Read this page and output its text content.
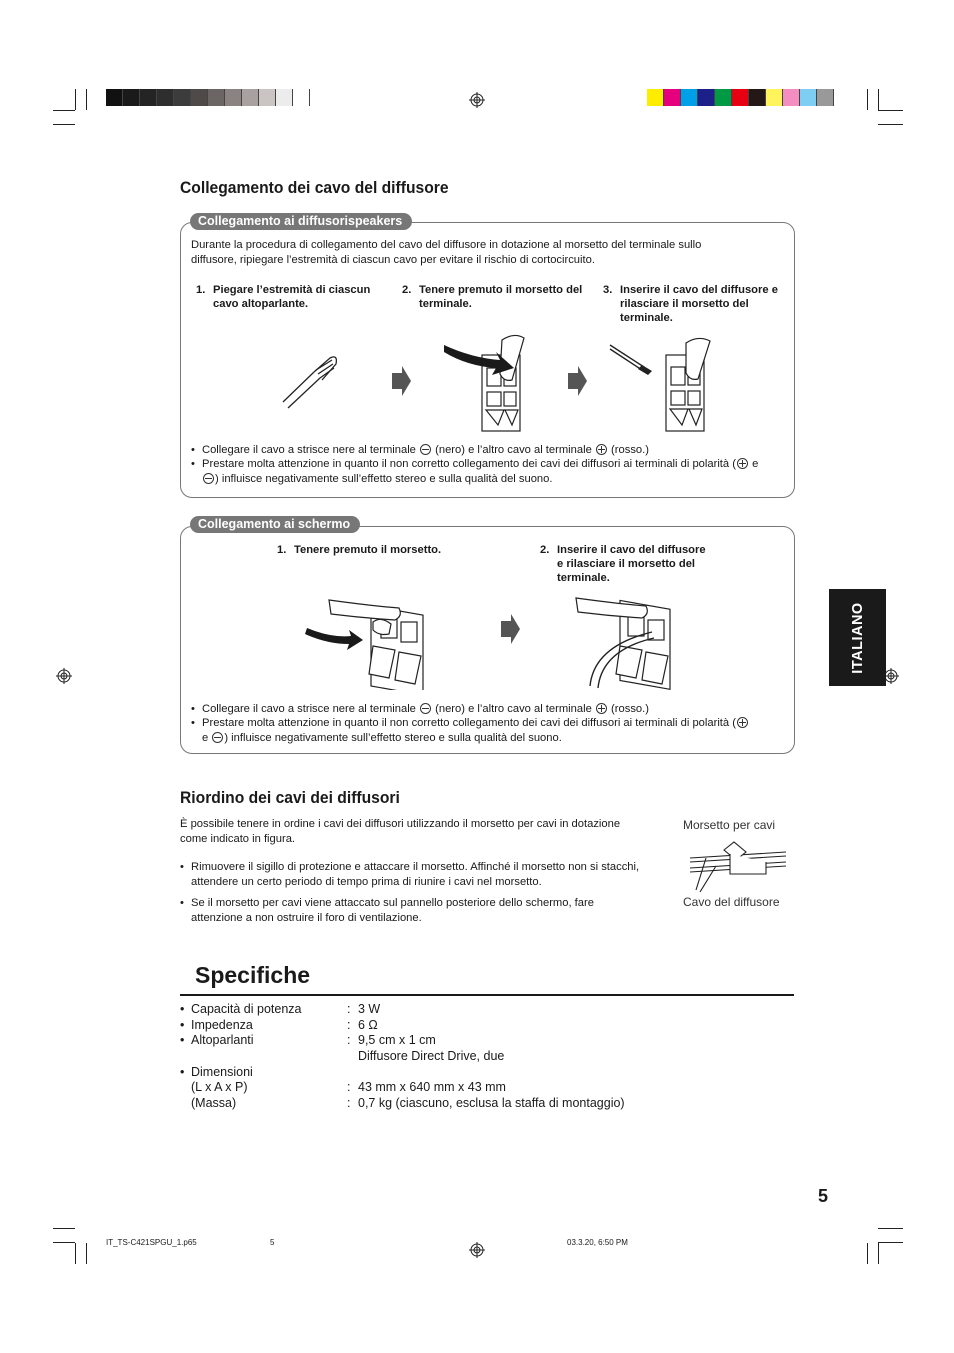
Collegamento dei cavo del diffusore
Collegamento ai diffusorispeakers
Durante la procedura di collegamento del cavo del diffusore in dotazione al morsetto del terminale sullo
diffusore, ripiegare l’estremità di ciascun cavo per evitare il rischio di cortocircuito.
1. Piegare l’estremità di ciascun
cavo altoparlante.
2. Tenere premuto il morsetto del
terminale.
3. Inserire il cavo del diffusore e
rilasciare il morsetto del
terminale.
• Collegare il cavo a strisce nere al terminale (nero) e l’altro cavo al terminale (rosso.)
• Prestare molta attenzione in quanto il non corretto collegamento dei cavi dei diffusori ai terminali di polarità ( e
) influisce negativamente sull’effetto stereo e sulla qualità del suono.
Collegamento ai schermo
1. Tenere premuto il morsetto.	2. Inserire il cavo del diffusore
e rilasciare il morsetto del
terminale.
• Collegare il cavo a strisce nere al terminale (nero) e l’altro cavo al terminale (rosso.)
• Prestare molta attenzione in quanto il non corretto collegamento dei cavi dei diffusori ai terminali di polarità (
e ) influisce negativamente sull’effetto stereo e sulla qualità del suono.
Riordino dei cavi dei diffusori
È possibile tenere in ordine i cavi dei diffusori utilizzando il morsetto per cavi in dotazione
come indicato in figura.
• Rimuovere il sigillo di protezione e attaccare il morsetto. Affinché il morsetto non si stacchi,
attendere un certo periodo di tempo prima di riunire i cavi nel morsetto.
• Se il morsetto per cavi viene attaccato sul pannello posteriore dello schermo, fare
attenzione a non ostruire il foro di ventilazione.
Morsetto per cavi
Cavo del diffusore
Specifiche
• Capacità di potenza	: 3 W
• Impedenza	: 6 Ω
• Altoparlanti	: 9,5 cm x 1 cm
Diffusore Direct Drive, due
• Dimensioni
(L x A x P)	: 43 mm x 640 mm x 43 mm
(Massa)	: 0,7 kg (ciascuno, esclusa la staffa di montaggio)
ITALIANO
5
IT_TS-C421SPGU_1.p65	5	03.3.20, 6:50 PM
